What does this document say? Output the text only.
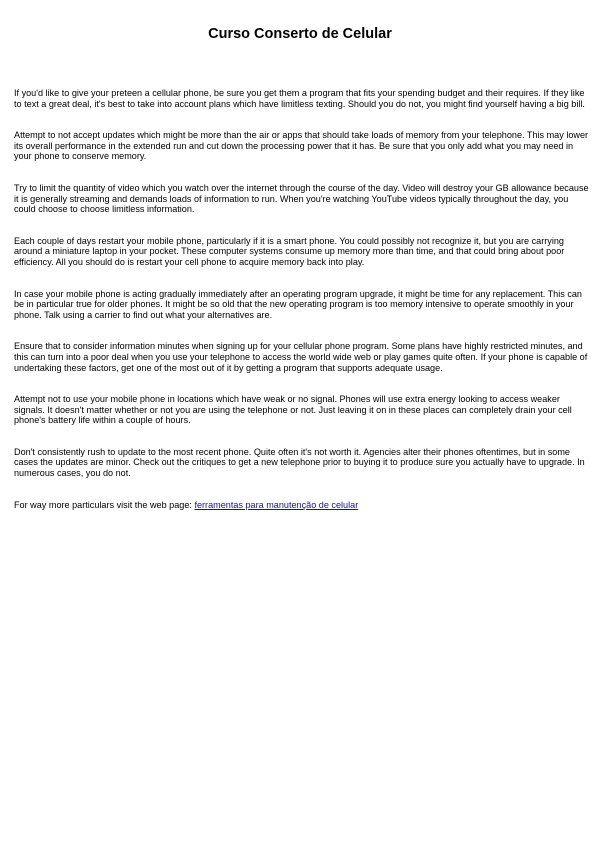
Curso Conserto de Celular

If you'd like to give your preteen a cellular phone, be sure you get them a program that fits your spending budget and their requires. If they like to text a great deal, it's best to take into account plans which have limitless texting. Should you do not, you might find yourself having a big bill.

Attempt to not accept updates which might be more than the air or apps that should take loads of memory from your telephone. This may lower its overall performance in the extended run and cut down the processing power that it has. Be sure that you only add what you may need in your phone to conserve memory.

Try to limit the quantity of video which you watch over the internet through the course of the day. Video will destroy your GB allowance because it is generally streaming and demands loads of information to run. When you're watching YouTube videos typically throughout the day, you could choose to choose limitless information.

Each couple of days restart your mobile phone, particularly if it is a smart phone. You could possibly not recognize it, but you are carrying around a miniature laptop in your pocket. These computer systems consume up memory more than time, and that could bring about poor efficiency. All you should do is restart your cell phone to acquire memory back into play.

In case your mobile phone is acting gradually immediately after an operating program upgrade, it might be time for any replacement. This can be in particular true for older phones. It might be so old that the new operating program is too memory intensive to operate smoothly in your phone. Talk using a carrier to find out what your alternatives are.

Ensure that to consider information minutes when signing up for your cellular phone program. Some plans have highly restricted minutes, and this can turn into a poor deal when you use your telephone to access the world wide web or play games quite often. If your phone is capable of undertaking these factors, get one of the most out of it by getting a program that supports adequate usage.

Attempt not to use your mobile phone in locations which have weak or no signal. Phones will use extra energy looking to access weaker signals. It doesn't matter whether or not you are using the telephone or not. Just leaving it on in these places can completely drain your cell phone's battery life within a couple of hours.

Don't consistently rush to update to the most recent phone. Quite often it's not worth it. Agencies alter their phones oftentimes, but in some cases the updates are minor. Check out the critiques to get a new telephone prior to buying it to produce sure you actually have to upgrade. In numerous cases, you do not.

For way more particulars visit the web page: ferramentas para manutenção de celular
